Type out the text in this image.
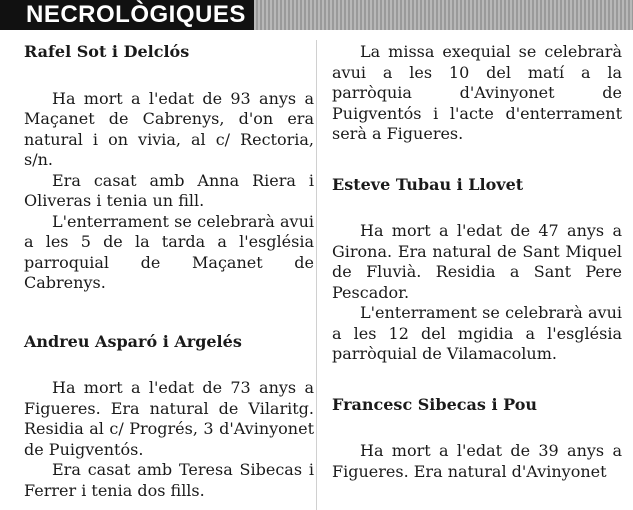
NECROLÒGIQUES
Rafel Sot i Delclós

Ha mort a l'edat de 93 anys a Maçanet de Cabrenys, d'on era natural i on vivia, al c/ Rectoria, s/n.

Era casat amb Anna Riera i Oliveras i tenia un fill.

L'enterrament se celebrarà avui a les 5 de la tarda a l'església parroquial de Maçanet de Cabrenys.

Andreu Asparó i Argelés

Ha mort a l'edat de 73 anys a Figueres. Era natural de Vilaritg. Residia al c/ Progrés, 3 d'Avinyonet de Puigventós.

Era casat amb Teresa Sibecas i Ferrer i tenia dos fills.

La missa exequial se celebrarà avui a les 10 del matí a la parròquia d'Avinyonet de Puigventós i l'acte d'enterrament serà a Figueres.

Esteve Tubau i Llovet

Ha mort a l'edat de 47 anys a Girona. Era natural de Sant Miquel de Fluvià. Residia a Sant Pere Pescador.

L'enterrament se celebrarà avui a les 12 del mgidia a l'església parròquial de Vilamacolum.

Francesc Sibecas i Pou

Ha mort a l'edat de 39 anys a Figueres. Era natural d'Avinyonet
